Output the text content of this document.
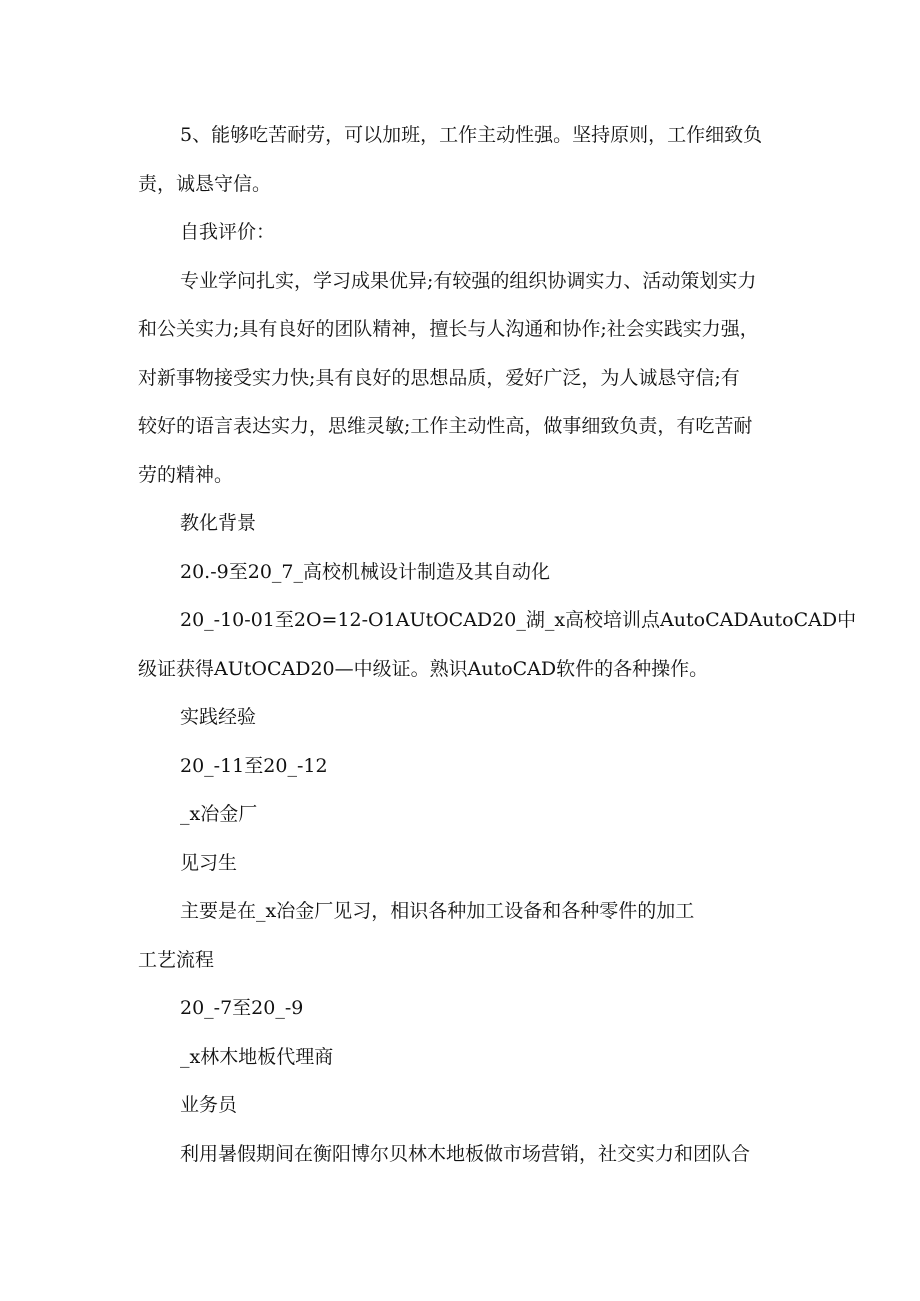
5、能够吃苦耐劳，可以加班，工作主动性强。坚持原则，工作细致负
责，诚恳守信。
自我评价：
专业学问扎实，学习成果优异;有较强的组织协调实力、活动策划实力
和公关实力;具有良好的团队精神，擅长与人沟通和协作;社会实践实力强，
对新事物接受实力快;具有良好的思想品质，爱好广泛，为人诚恳守信;有
较好的语言表达实力，思维灵敏;工作主动性高，做事细致负责，有吃苦耐
劳的精神。
教化背景
20.-9至20_7_高校机械设计制造及其自动化
20_-10-01至2O=12-O1AUtOCAD20_湖_x高校培训点AutoCADAutoCAD中
级证获得AUtOCAD20—中级证。熟识AutoCAD软件的各种操作。
实践经验
20_-11至20_-12
_x冶金厂
见习生
主要是在_x冶金厂见习，相识各种加工设备和各种零件的加工
工艺流程
20_-7至20_-9
_x林木地板代理商
业务员
利用暑假期间在衡阳博尔贝林木地板做市场营销，社交实力和团队合
